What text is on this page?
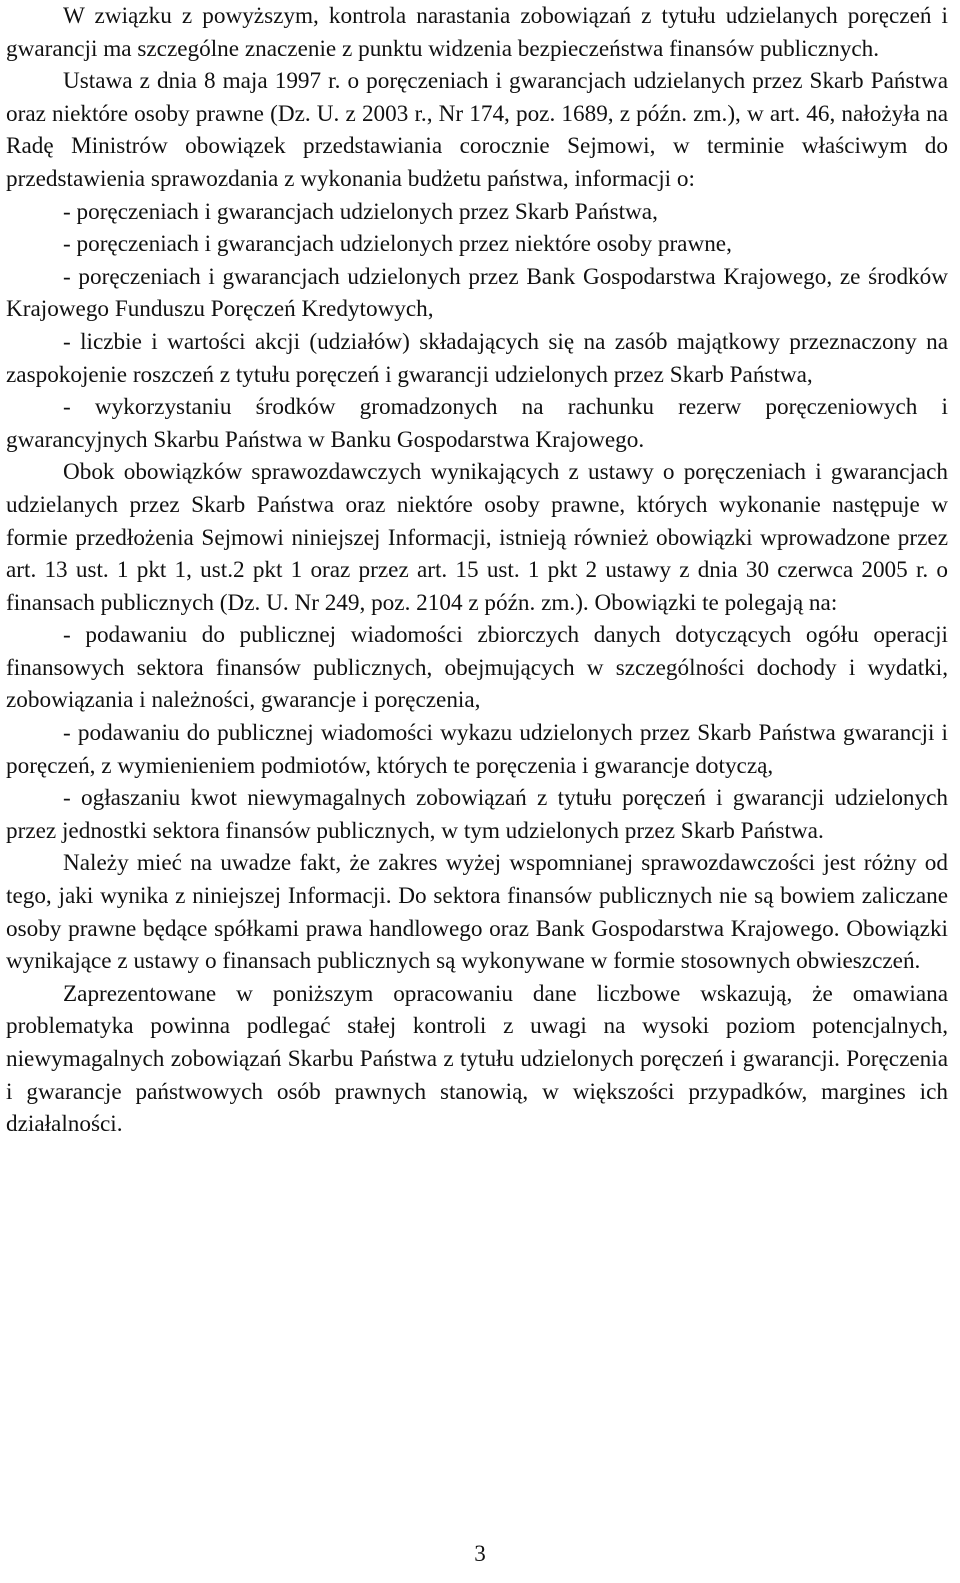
W związku z powyższym, kontrola narastania zobowiązań z tytułu udzielanych poręczeń i gwarancji ma szczególne znaczenie z punktu widzenia bezpieczeństwa finansów publicznych.

Ustawa z dnia 8 maja 1997 r. o poręczeniach i gwarancjach udzielanych przez Skarb Państwa oraz niektóre osoby prawne (Dz. U. z 2003 r., Nr 174, poz. 1689, z późn. zm.), w art. 46, nałożyła na Radę Ministrów obowiązek przedstawiania corocznie Sejmowi, w terminie właściwym do przedstawienia sprawozdania z wykonania budżetu państwa, informacji o:

- poręczeniach i gwarancjach udzielonych przez Skarb Państwa,

- poręczeniach i gwarancjach udzielonych przez niektóre osoby prawne,

- poręczeniach i gwarancjach udzielonych przez Bank Gospodarstwa Krajowego, ze środków Krajowego Funduszu Poręczeń Kredytowych,

- liczbie i wartości akcji (udziałów) składających się na zasób majątkowy przeznaczony na zaspokojenie roszczeń z tytułu poręczeń i gwarancji udzielonych przez Skarb Państwa,

- wykorzystaniu środków gromadzonych na rachunku rezerw poręczeniowych i gwarancyjnych Skarbu Państwa w Banku Gospodarstwa Krajowego.

Obok obowiązków sprawozdawczych wynikających z ustawy o poręczeniach i gwarancjach udzielanych przez Skarb Państwa oraz niektóre osoby prawne, których wykonanie następuje w formie przedłożenia Sejmowi niniejszej Informacji, istnieją również obowiązki wprowadzone przez art. 13 ust. 1 pkt 1, ust.2 pkt 1 oraz przez art. 15 ust. 1 pkt 2 ustawy z dnia 30 czerwca 2005 r. o finansach publicznych (Dz. U. Nr 249, poz. 2104 z późn. zm.). Obowiązki te polegają na:

- podawaniu do publicznej wiadomości zbiorczych danych dotyczących ogółu operacji finansowych sektora finansów publicznych, obejmujących w szczególności dochody i wydatki, zobowiązania i należności, gwarancje i poręczenia,

- podawaniu do publicznej wiadomości wykazu udzielonych przez Skarb Państwa gwarancji i poręczeń, z wymienieniem podmiotów, których te poręczenia i gwarancje dotyczą,

- ogłaszaniu kwot niewymagalnych zobowiązań z tytułu poręczeń i gwarancji udzielonych przez jednostki sektora finansów publicznych, w tym udzielonych przez Skarb Państwa.

Należy mieć na uwadze fakt, że zakres wyżej wspomnianej sprawozdawczości jest różny od tego, jaki wynika z niniejszej Informacji. Do sektora finansów publicznych nie są bowiem zaliczane osoby prawne będące spółkami prawa handlowego oraz Bank Gospodarstwa Krajowego. Obowiązki wynikające z ustawy o finansach publicznych są wykonywane w formie stosownych obwieszczeń.

Zaprezentowane w poniższym opracowaniu dane liczbowe wskazują, że omawiana problematyka powinna podlegać stałej kontroli z uwagi na wysoki poziom potencjalnych, niewymagalnych zobowiązań Skarbu Państwa z tytułu udzielonych poręczeń i gwarancji. Poręczenia i gwarancje państwowych osób prawnych stanowią, w większości przypadków, margines ich działalności.

3
